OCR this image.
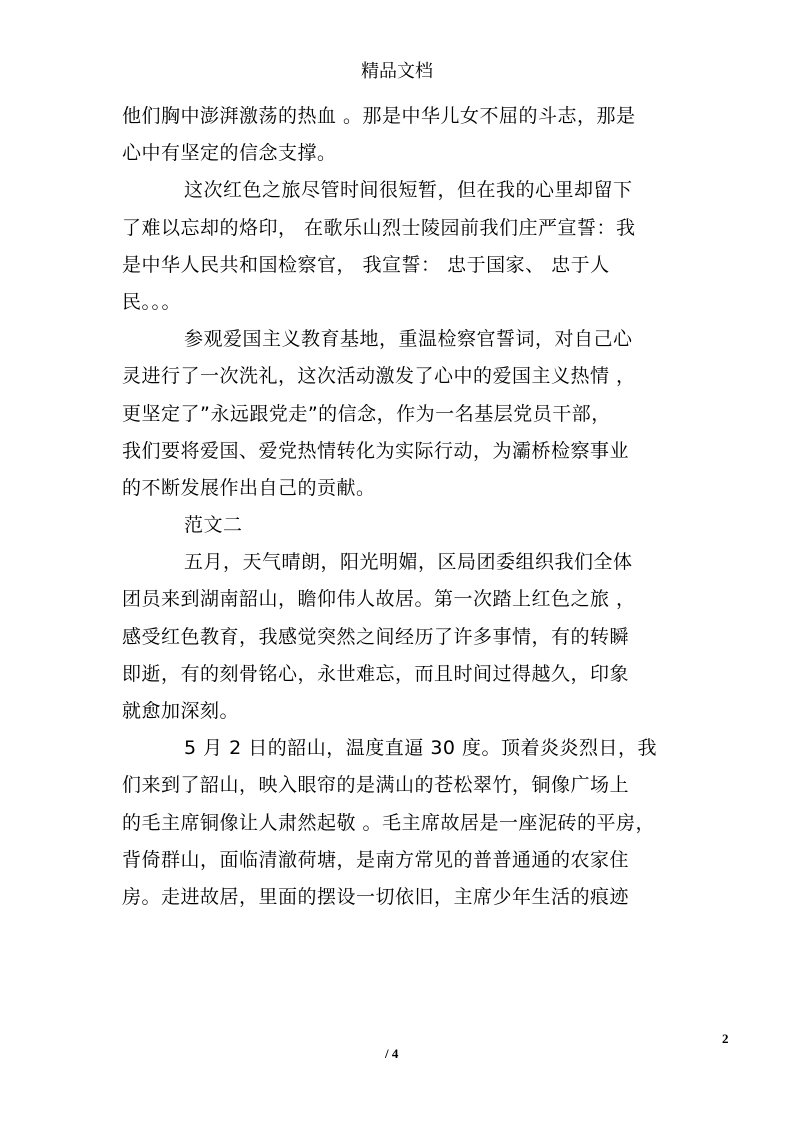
精品文档
他们胸中澎湃激荡的热血 。那是中华儿女不屈的斗志，那是
心中有坚定的信念支撑。
这次红色之旅尽管时间很短暂，但在我的心里却留下
了难以忘却的烙印， 在歌乐山烈士陵园前我们庄严宣誓：我
是中华人民共和国检察官， 我宣誓： 忠于国家、 忠于人
民。。。
参观爱国主义教育基地，重温检察官誓词，对自己心
灵进行了一次洗礼，这次活动激发了心中的爱国主义热情 ，
更坚定了”永远跟党走”的信念，作为一名基层党员干部，
我们要将爱国、爱党热情转化为实际行动，为灞桥检察事业
的不断发展作出自己的贡献。
范文二
五月，天气晴朗，阳光明媚，区局团委组织我们全体
团员来到湖南韶山，瞻仰伟人故居。第一次踏上红色之旅 ，
感受红色教育，我感觉突然之间经历了许多事情，有的转瞬
即逝，有的刻骨铭心，永世难忘，而且时间过得越久，印象
就愈加深刻。
5 月 2 日的韶山，温度直逼 30 度。顶着炎炎烈日，我
们来到了韶山，映入眼帘的是满山的苍松翠竹，铜像广场上
的毛主席铜像让人肃然起敬 。毛主席故居是一座泥砖的平房，
背倚群山，面临清澈荷塘，是南方常见的普普通通的农家住
房。走进故居，里面的摆设一切依旧，主席少年生活的痕迹
2
/ 4
